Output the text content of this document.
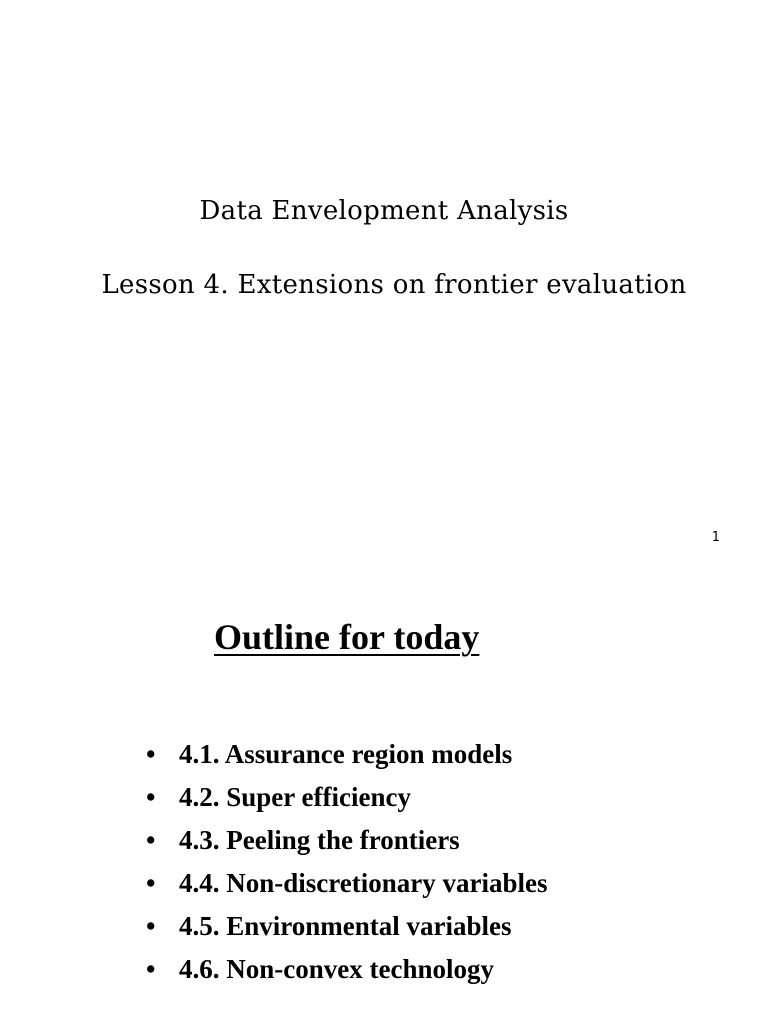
Data Envelopment Analysis
Lesson 4. Extensions on frontier evaluation
1
Outline for today
• 4.1. Assurance region models
• 4.2. Super efficiency
• 4.3. Peeling the frontiers
• 4.4. Non-discretionary variables
• 4.5. Environmental variables
• 4.6. Non-convex technology
